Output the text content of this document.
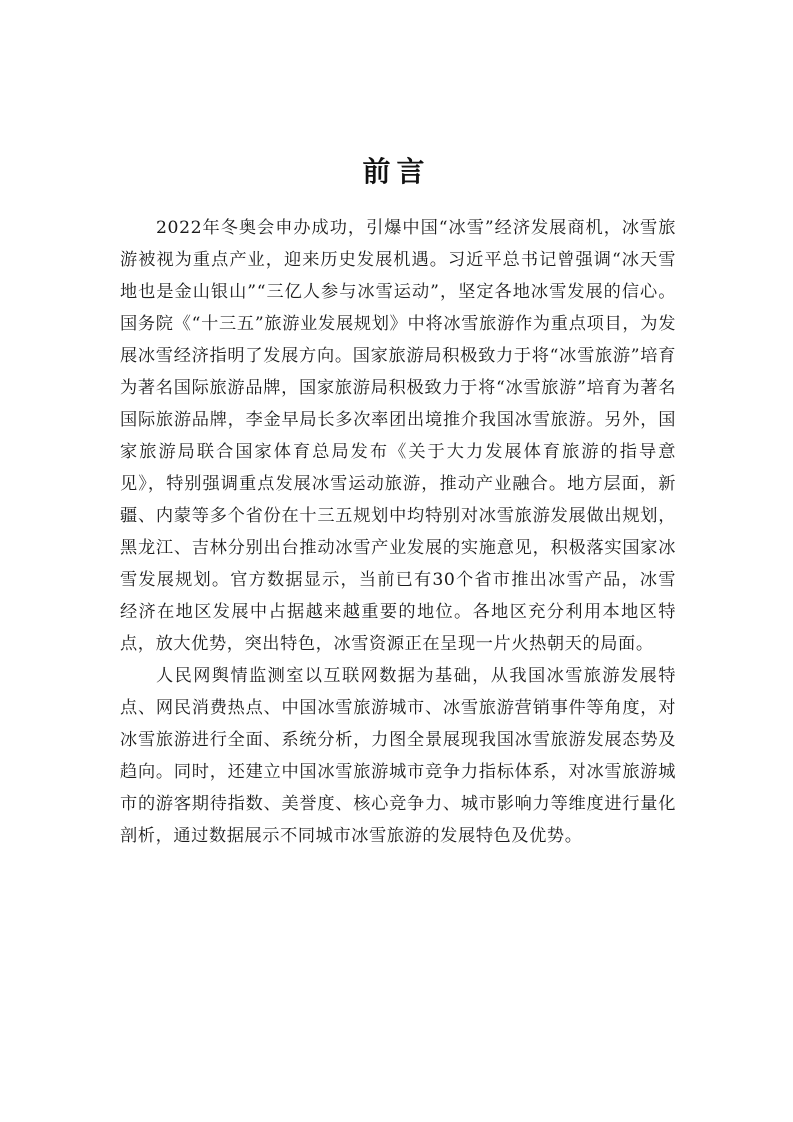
前言

2022年冬奥会申办成功，引爆中国“冰雪”经济发展商机，冰雪旅游被视为重点产业，迎来历史发展机遇。习近平总书记曾强调“冰天雪地也是金山银山”“三亿人参与冰雪运动”，坚定各地冰雪发展的信心。国务院《“十三五”旅游业发展规划》中将冰雪旅游作为重点项目，为发展冰雪经济指明了发展方向。国家旅游局积极致力于将“冰雪旅游”培育为著名国际旅游品牌，国家旅游局积极致力于将“冰雪旅游”培育为著名国际旅游品牌，李金早局长多次率团出境推介我国冰雪旅游。另外，国家旅游局联合国家体育总局发布《关于大力发展体育旅游的指导意见》，特别强调重点发展冰雪运动旅游，推动产业融合。地方层面，新疆、内蒙等多个省份在十三五规划中均特别对冰雪旅游发展做出规划，黑龙江、吉林分别出台推动冰雪产业发展的实施意见，积极落实国家冰雪发展规划。官方数据显示，当前已有30个省市推出冰雪产品，冰雪经济在地区发展中占据越来越重要的地位。各地区充分利用本地区特点，放大优势，突出特色，冰雪资源正在呈现一片火热朝天的局面。

人民网舆情监测室以互联网数据为基础，从我国冰雪旅游发展特点、网民消费热点、中国冰雪旅游城市、冰雪旅游营销事件等角度，对冰雪旅游进行全面、系统分析，力图全景展现我国冰雪旅游发展态势及趋向。同时，还建立中国冰雪旅游城市竞争力指标体系，对冰雪旅游城市的游客期待指数、美誉度、核心竞争力、城市影响力等维度进行量化剖析，通过数据展示不同城市冰雪旅游的发展特色及优势。
